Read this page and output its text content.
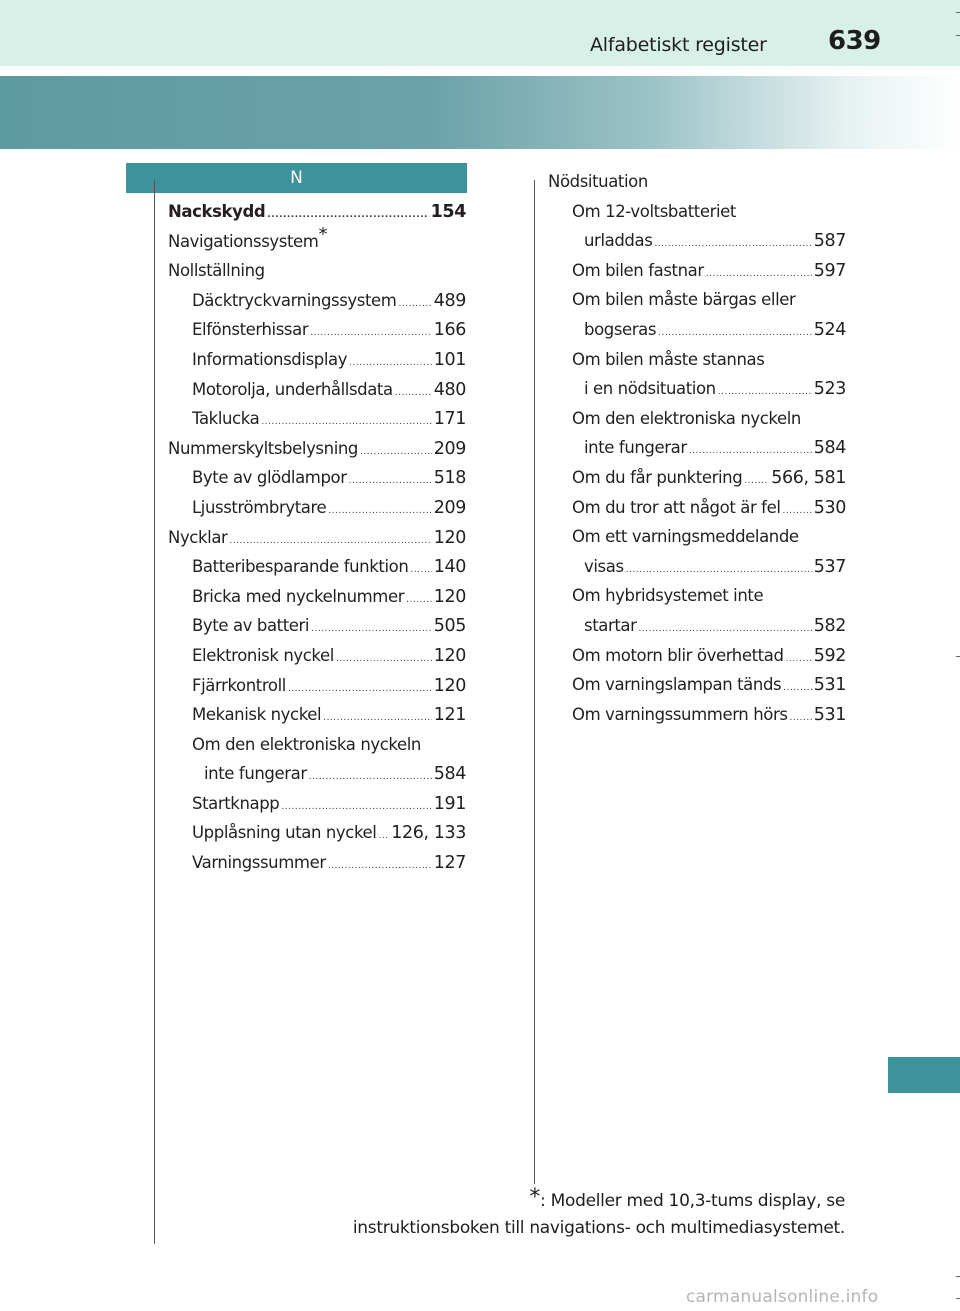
Alfabetiskt register 639
N
Nackskydd .....	154
Navigationssystem *
Nollställning
Däcktryckvarningssystem ..... 489
Elfönsterhissar .....	166
Informationsdisplay .....	101
Motorolja, underhållsdata ..... 480
Taklucka .....	171
Nummerskyltsbelysning .....	209
Byte av glödlampor .....	518
Ljusströmbrytare .....	209
Nycklar .....	120
Batteribesparande funktion ..... 140
Bricka med nyckelnummer ..... 120
Byte av batteri .....	505
Elektronisk nyckel .....	120
Fjärrkontroll .....	120
Mekanisk nyckel .....	121
Om den elektroniska nyckeln
inte fungerar .....	584
Startknapp .....	191
Upplåsning utan nyckel ..... 126, 133
Varningssummer .....	127
Nödsituation
Om 12-voltsbatteriet
urladdas .....	587
Om bilen fastnar .....	597
Om bilen måste bärgas eller
bogseras .....	524
Om bilen måste stannas
i en nödsituation .....	523
Om den elektroniska nyckeln
inte fungerar .....	584
Om du får punktering ..... 566, 581
Om du tror att något är fel ..... 530
Om ett varningsmeddelande
visas .....	537
Om hybridsystemet inte
startar .....	582
Om motorn blir överhettad ..... 592
Om varningslampan tänds ..... 531
Om varningssummern hörs ..... 531
*: Modeller med 10,3-tums display, se
instruktionsboken till navigations- och multimediasystemet.
carmanualsonline.info
